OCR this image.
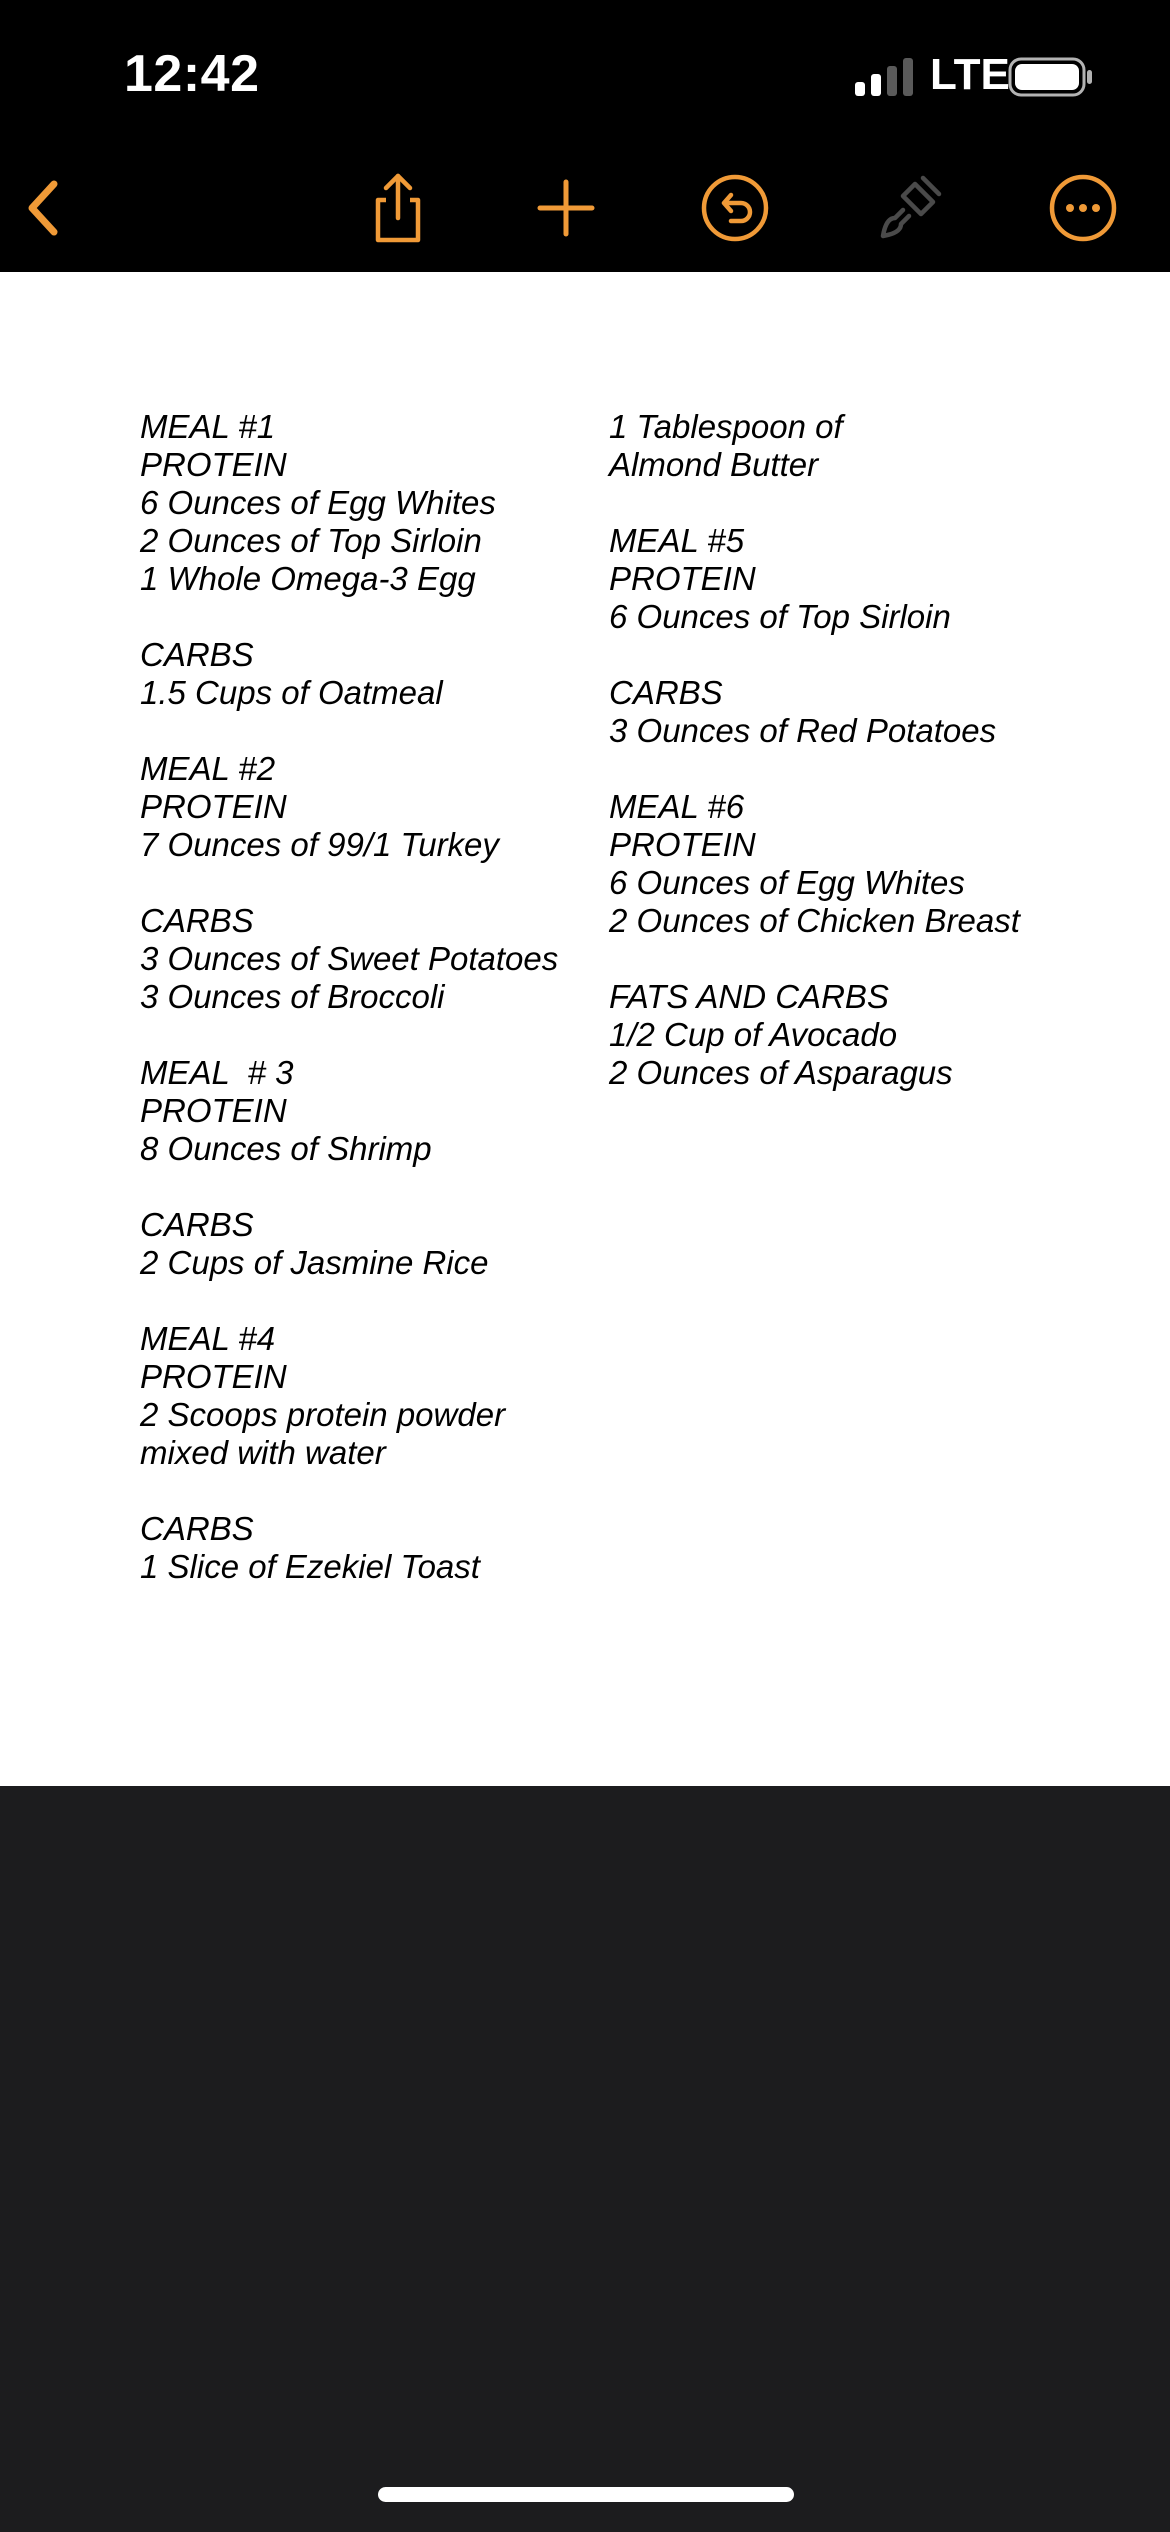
12:42	LTE
MEAL #1
PROTEIN
6 Ounces of Egg Whites
2 Ounces of Top Sirloin
1 Whole Omega-3 Egg
CARBS
1.5 Cups of Oatmeal
MEAL #2
PROTEIN
7 Ounces of 99/1 Turkey
CARBS
3 Ounces of Sweet Potatoes
3 Ounces of Broccoli
MEAL  # 3
PROTEIN
8 Ounces of Shrimp
CARBS
2 Cups of Jasmine Rice
MEAL #4
PROTEIN
2 Scoops protein powder
mixed with water
CARBS
1 Slice of Ezekiel Toast
1 Tablespoon of
Almond Butter
MEAL #5
PROTEIN
6 Ounces of Top Sirloin
CARBS
3 Ounces of Red Potatoes
MEAL #6
PROTEIN
6 Ounces of Egg Whites
2 Ounces of Chicken Breast
FATS AND CARBS
1/2 Cup of Avocado
2 Ounces of Asparagus
